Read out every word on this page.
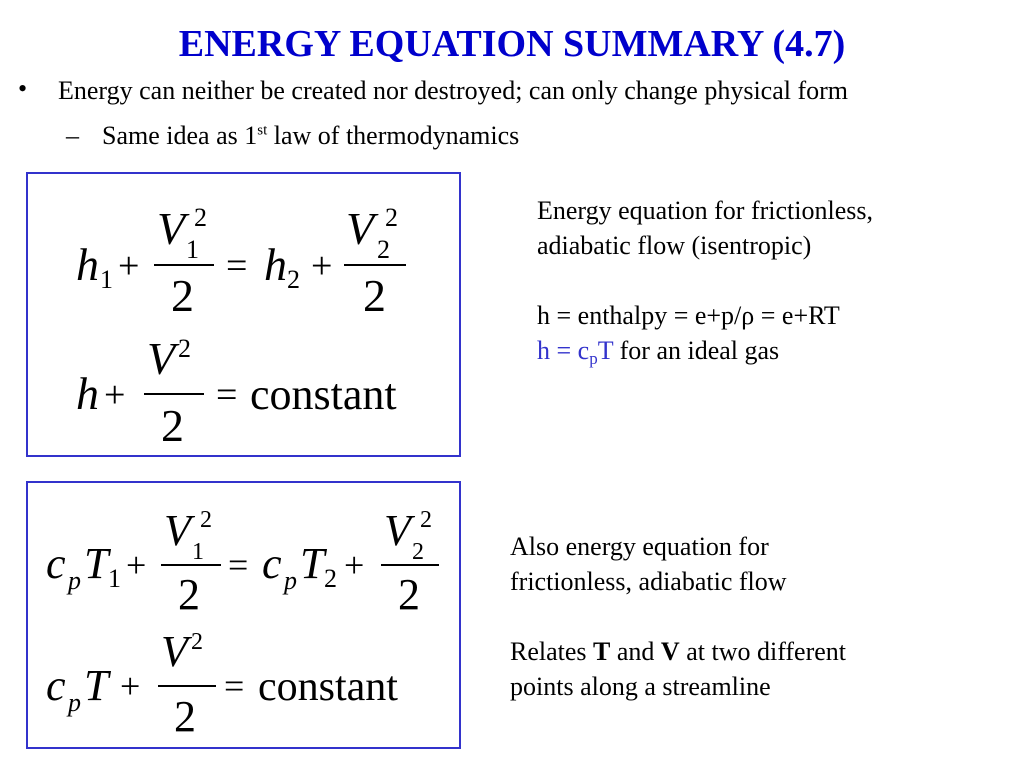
ENERGY EQUATION SUMMARY (4.7)
• Energy can neither be created nor destroyed; can only change physical form
– Same idea as 1st law of thermodynamics
h 1 +
V 1
2
2
= h 2 +
V 2
2
2
h +
V 2
2
= constant
c p T 1 +
V 1
2
2
= c p T 2 +
V 2
2
2
c p T +
V 2
2
= constant
Energy equation for frictionless,
adiabatic flow (isentropic)
h = enthalpy = e+p/ρ = e+RT
h = cpT for an ideal gas
Also energy equation for
frictionless, adiabatic flow
Relates T and V at two different
points along a streamline
